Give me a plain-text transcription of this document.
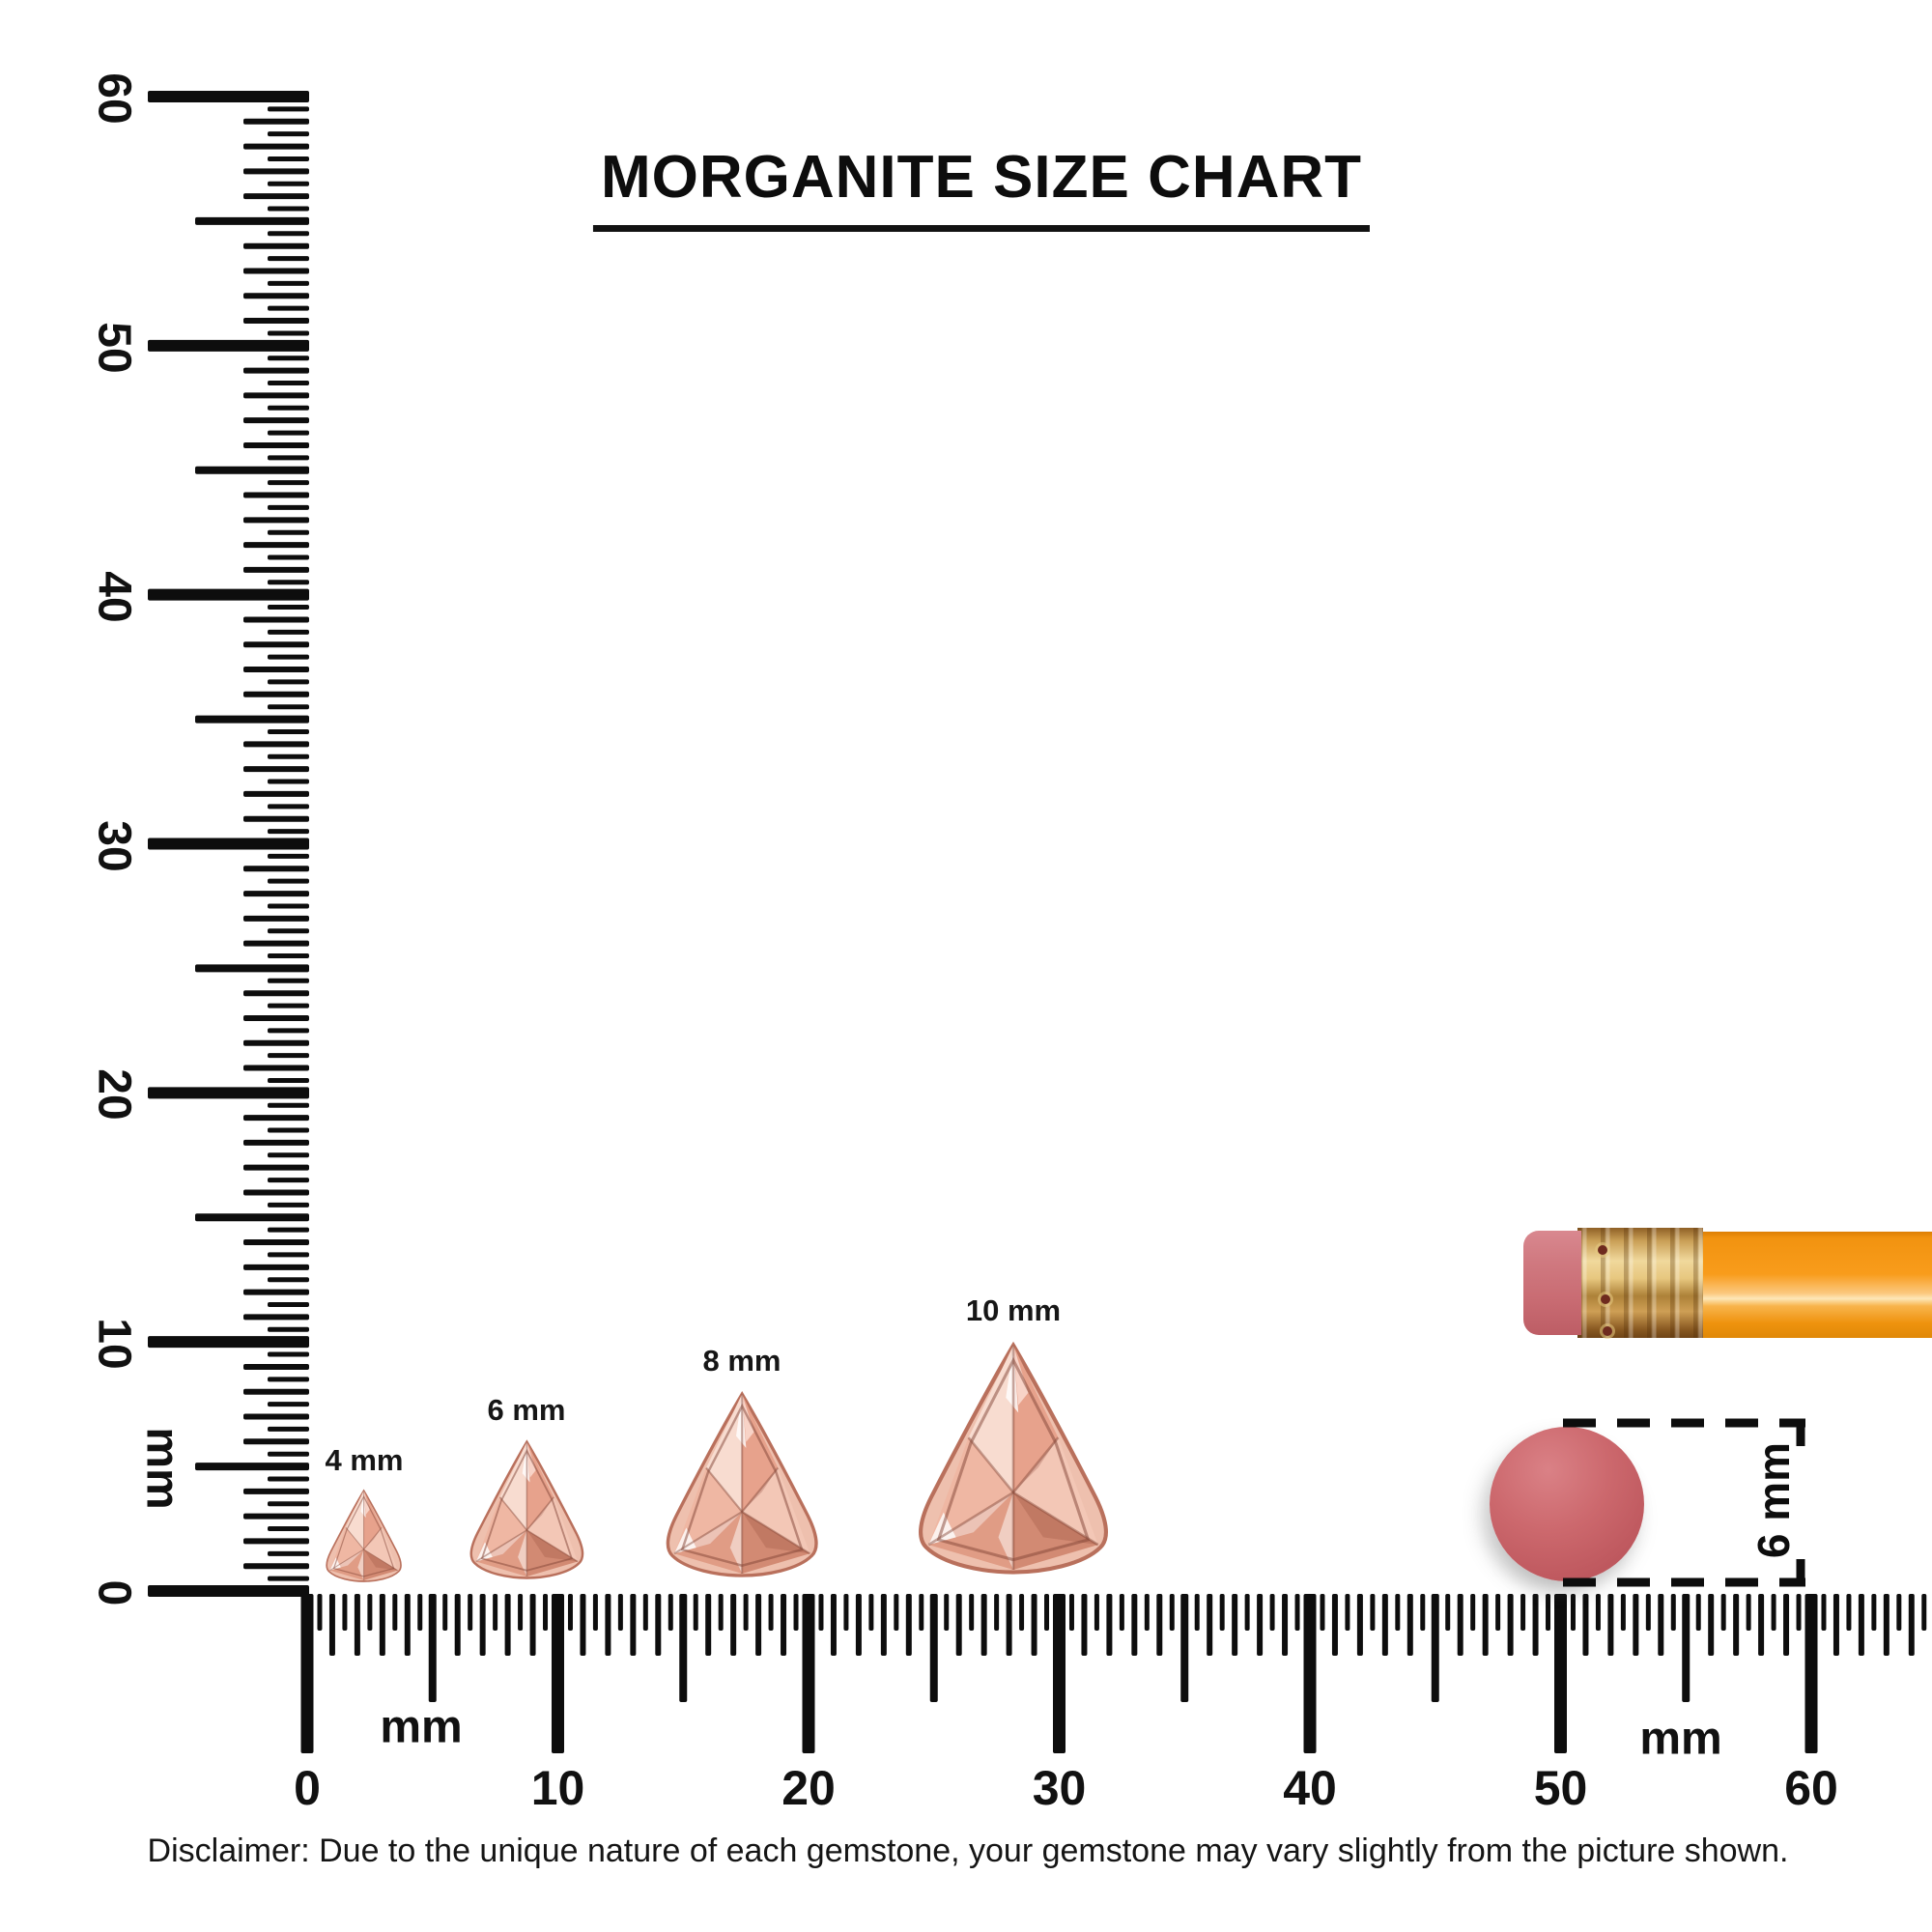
MORGANITE SIZE CHART
0
10
20
30
40
50
60
0	10	20	30	40	50	60
mm
mm	mm
4 mm
6 mm
8 mm
10 mm
6 mm
Disclaimer: Due to the unique nature of each gemstone, your gemstone may vary slightly from the picture shown.
